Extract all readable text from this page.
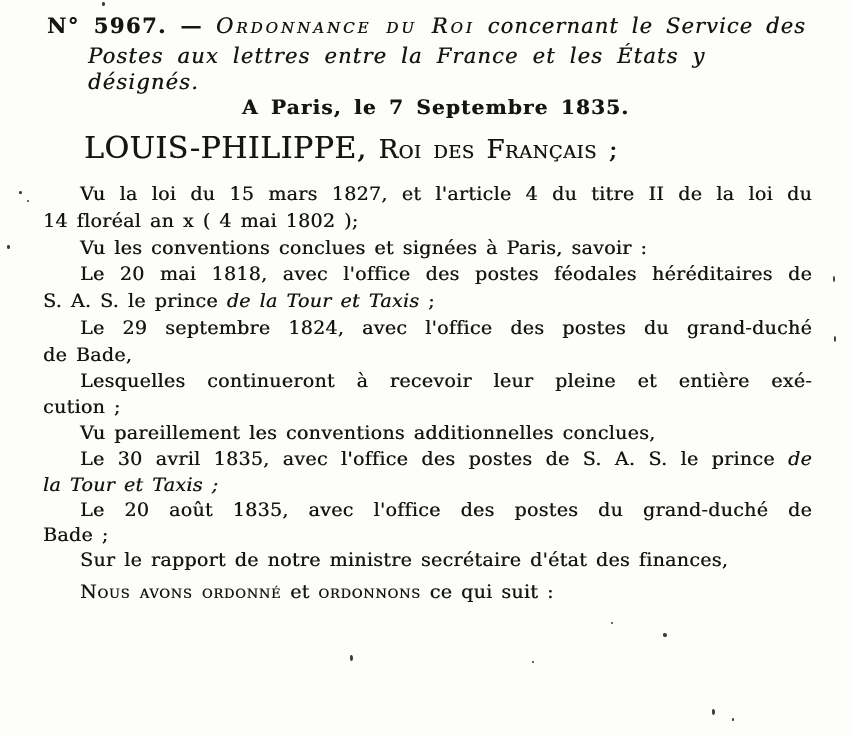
N° 5967. — Ordonnance du Roi concernant le Service des
Postes aux lettres entre la France et les États y désignés.
A Paris, le 7 Septembre 1835.
LOUIS-PHILIPPE, Roi des Français ;
Vu la loi du 15 mars 1827, et l'article 4 du titre II de la loi du
14 floréal an x ( 4 mai 1802 );
Vu les conventions conclues et signées à Paris, savoir :
Le 20 mai 1818, avec l'office des postes féodales héréditaires de
S. A. S. le prince de la Tour et Taxis ;
Le 29 septembre 1824, avec l'office des postes du grand-duché
de Bade,
Lesquelles continueront à recevoir leur pleine et entière exé-
cution ;
Vu pareillement les conventions additionnelles conclues,
Le 30 avril 1835, avec l'office des postes de S. A. S. le prince de
la Tour et Taxis ;
Le 20 août 1835, avec l'office des postes du grand-duché de
Bade ;
Sur le rapport de notre ministre secrétaire d'état des finances,
Nous avons ordonné et ordonnons ce qui suit :
